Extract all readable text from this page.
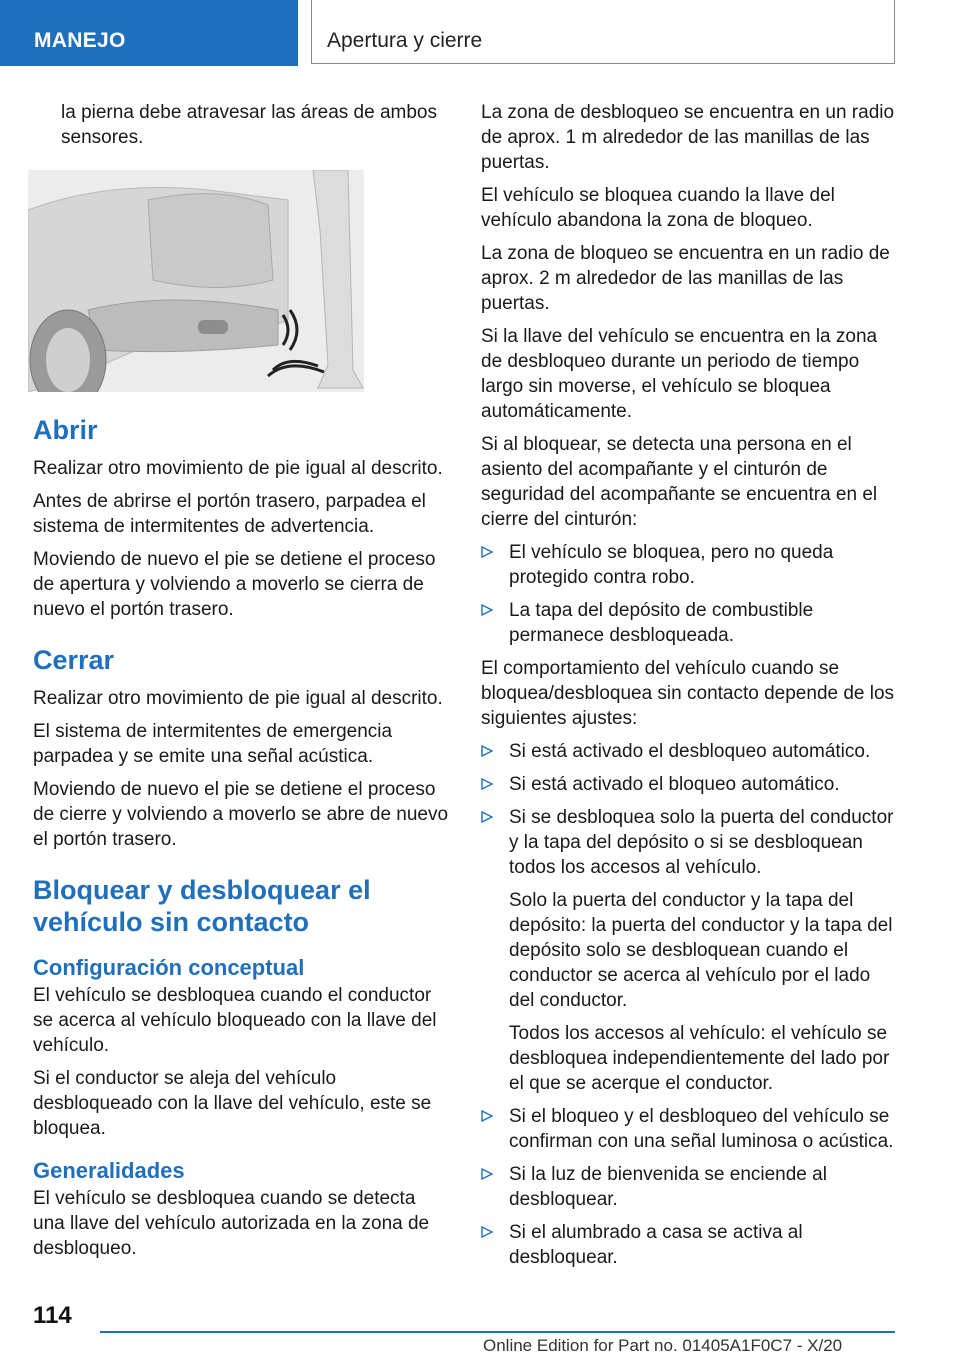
MANEJO	Apertura y cierre

la pierna debe atravesar las áreas de ambos sensores.

Abrir

Realizar otro movimiento de pie igual al descrito.

Antes de abrirse el portón trasero, parpadea el sistema de intermitentes de advertencia.

Moviendo de nuevo el pie se detiene el proceso de apertura y volviendo a moverlo se cierra de nuevo el portón trasero.

Cerrar

Realizar otro movimiento de pie igual al descrito.

El sistema de intermitentes de emergencia parpadea y se emite una señal acústica.

Moviendo de nuevo el pie se detiene el proceso de cierre y volviendo a moverlo se abre de nuevo el portón trasero.

Bloquear y desbloquear el vehículo sin contacto
Configuración conceptual

El vehículo se desbloquea cuando el conductor se acerca al vehículo bloqueado con la llave del vehículo.

Si el conductor se aleja del vehículo desbloqueado con la llave del vehículo, este se bloquea.

Generalidades

El vehículo se desbloquea cuando se detecta una llave del vehículo autorizada en la zona de desbloqueo.

La zona de desbloqueo se encuentra en un radio de aprox. 1 m alrededor de las manillas de las puertas.

El vehículo se bloquea cuando la llave del vehículo abandona la zona de bloqueo.

La zona de bloqueo se encuentra en un radio de aprox. 2 m alrededor de las manillas de las puertas.

Si la llave del vehículo se encuentra en la zona de desbloqueo durante un periodo de tiempo largo sin moverse, el vehículo se bloquea automáticamente.

Si al bloquear, se detecta una persona en el asiento del acompañante y el cinturón de seguridad del acompañante se encuentra en el cierre del cinturón:

El vehículo se bloquea, pero no queda protegido contra robo.
La tapa del depósito de combustible permanece desbloqueada.

El comportamiento del vehículo cuando se bloquea/desbloquea sin contacto depende de los siguientes ajustes:

Si está activado el desbloqueo automático.
Si está activado el bloqueo automático.
Si se desbloquea solo la puerta del conductor y la tapa del depósito o si se desbloquean todos los accesos al vehículo.

Solo la puerta del conductor y la tapa del depósito: la puerta del conductor y la tapa del depósito solo se desbloquean cuando el conductor se acerca al vehículo por el lado del conductor.

Todos los accesos al vehículo: el vehículo se desbloquea independientemente del lado por el que se acerque el conductor.

Si el bloqueo y el desbloqueo del vehículo se confirman con una señal luminosa o acústica.
Si la luz de bienvenida se enciende al desbloquear.
Si el alumbrado a casa se activa al desbloquear.
114
Online Edition for Part no. 01405A1F0C7 - X/20
